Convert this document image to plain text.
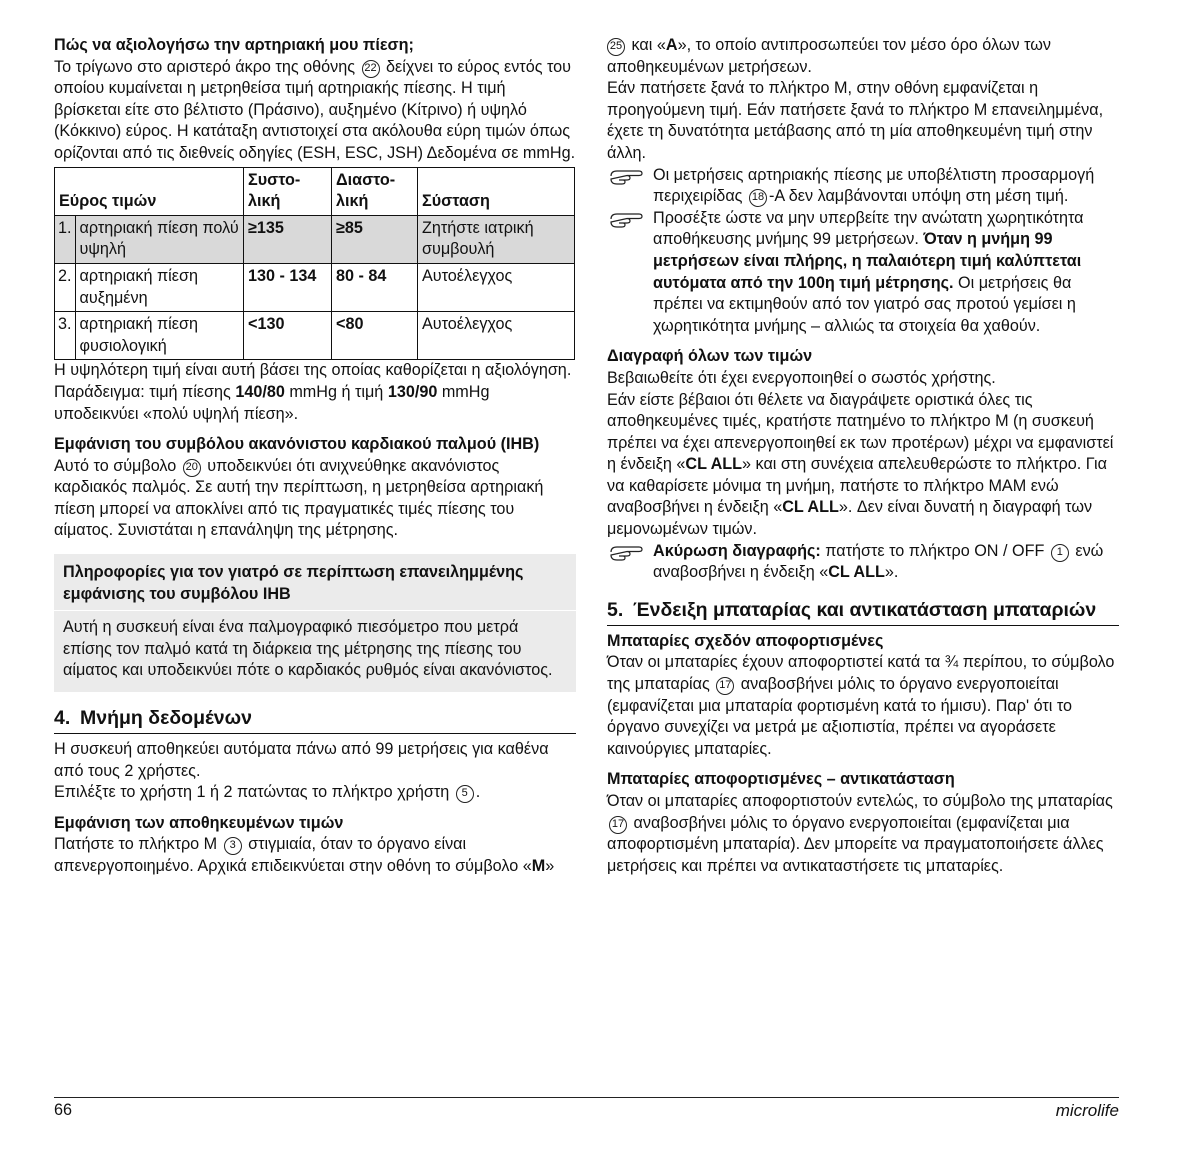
Πώς να αξιολογήσω την αρτηριακή μου πίεση;

Το τρίγωνο στο αριστερό άκρο της οθόνης 22 δείχνει το εύρος εντός του οποίου κυμαίνεται η μετρηθείσα τιμή αρτηριακής πίεσης. Η τιμή βρίσκεται είτε στο βέλτιστο (Πράσινο), αυξημένο (Κίτρινο) ή υψηλό (Κόκκινο) εύρος. Η κατάταξη αντιστοιχεί στα ακόλουθα εύρη τιμών όπως ορίζονται από τις διεθνείς οδηγίες (ESH, ESC, JSH) Δεδομένα σε mmHg.

Εύρος τιμών		Συστο-λική	Διαστο-λική	Σύσταση
1.	αρτηριακή πίεση πολύ υψηλή	≥135	≥85	Ζητήστε ιατρική συμβουλή
2.	αρτηριακή πίεση αυξημένη	130 - 134	80 - 84	Αυτοέλεγχος
3.	αρτηριακή πίεση φυσιολογική	<130	<80	Αυτοέλεγχος

Η υψηλότερη τιμή είναι αυτή βάσει της οποίας καθορίζεται η αξιολόγηση. Παράδειγμα: τιμή πίεσης 140/80 mmHg ή τιμή 130/90 mmHg υποδεικνύει «πολύ υψηλή πίεση».

Εμφάνιση του συμβόλου ακανόνιστου καρδιακού παλμού (IHB)

Αυτό το σύμβολο 20 υποδεικνύει ότι ανιχνεύθηκε ακανόνιστος καρδιακός παλμός. Σε αυτή την περίπτωση, η μετρηθείσα αρτηριακή πίεση μπορεί να αποκλίνει από τις πραγματικές τιμές πίεσης του αίματος. Συνιστάται η επανάληψη της μέτρησης.

Πληροφορίες για τον γιατρό σε περίπτωση επανειλημμένης εμφάνισης του συμβόλου IHB

Αυτή η συσκευή είναι ένα παλμογραφικό πιεσόμετρο που μετρά επίσης τον παλμό κατά τη διάρκεια της μέτρησης της πίεσης του αίματος και υποδεικνύει πότε ο καρδιακός ρυθμός είναι ακανόνιστος.

4. Μνήμη δεδομένων

Η συσκευή αποθηκεύει αυτόματα πάνω από 99 μετρήσεις για καθένα από τους 2 χρήστες.

Επιλέξτε το χρήστη 1 ή 2 πατώντας το πλήκτρο χρήστη 5 .

Εμφάνιση των αποθηκευμένων τιμών

Πατήστε το πλήκτρο M 3 στιγμιαία, όταν το όργανο είναι απενεργοποιημένο. Αρχικά επιδεικνύεται στην οθόνη το σύμβολο «M»

25 και «A», το οποίο αντιπροσωπεύει τον μέσο όρο όλων των αποθηκευμένων μετρήσεων.

Εάν πατήσετε ξανά το πλήκτρο M, στην οθόνη εμφανίζεται η προηγούμενη τιμή. Εάν πατήσετε ξανά το πλήκτρο M επανειλημμένα, έχετε τη δυνατότητα μετάβασης από τη μία αποθηκευμένη τιμή στην άλλη.

Οι μετρήσεις αρτηριακής πίεσης με υποβέλτιστη προσαρμογή περιχειρίδας 18 -A δεν λαμβάνονται υπόψη στη μέση τιμή.

Προσέξτε ώστε να μην υπερβείτε την ανώτατη χωρητικότητα αποθήκευσης μνήμης 99 μετρήσεων. Όταν η μνήμη 99 μετρήσεων είναι πλήρης, η παλαιότερη τιμή καλύπτεται αυτόματα από την 100η τιμή μέτρησης. Οι μετρήσεις θα πρέπει να εκτιμηθούν από τον γιατρό σας προτού γεμίσει η χωρητικότητα μνήμης – αλλιώς τα στοιχεία θα χαθούν.

Διαγραφή όλων των τιμών

Βεβαιωθείτε ότι έχει ενεργοποιηθεί ο σωστός χρήστης.

Εάν είστε βέβαιοι ότι θέλετε να διαγράψετε οριστικά όλες τις αποθηκευμένες τιμές, κρατήστε πατημένο το πλήκτρο M (η συσκευή πρέπει να έχει απενεργοποιηθεί εκ των προτέρων) μέχρι να εμφανιστεί η ένδειξη «CL ALL» και στη συνέχεια απελευθερώστε το πλήκτρο. Για να καθαρίσετε μόνιμα τη μνήμη, πατήστε το πλήκτρο MAM ενώ αναβοσβήνει η ένδειξη «CL ALL». Δεν είναι δυνατή η διαγραφή των μεμονωμένων τιμών.

Ακύρωση διαγραφής: πατήστε το πλήκτρο ON / OFF 1 ενώ αναβοσβήνει η ένδειξη «CL ALL».

5. Ένδειξη μπαταρίας και αντικατάσταση μπαταριών

Μπαταρίες σχεδόν αποφορτισμένες

Όταν οι μπαταρίες έχουν αποφορτιστεί κατά τα ¾ περίπου, το σύμβολο της μπαταρίας 17 αναβοσβήνει μόλις το όργανο ενεργοποιείται (εμφανίζεται μια μπαταρία φορτισμένη κατά το ήμισυ). Παρ' ότι το όργανο συνεχίζει να μετρά με αξιοπιστία, πρέπει να αγοράσετε καινούργιες μπαταρίες.

Μπαταρίες αποφορτισμένες – αντικατάσταση

Όταν οι μπαταρίες αποφορτιστούν εντελώς, το σύμβολο της μπαταρίας 17 αναβοσβήνει μόλις το όργανο ενεργοποιείται (εμφανίζεται μια αποφορτισμένη μπαταρία). Δεν μπορείτε να πραγματοποιήσετε άλλες μετρήσεις και πρέπει να αντικαταστήσετε τις μπαταρίες.

66	microlife
